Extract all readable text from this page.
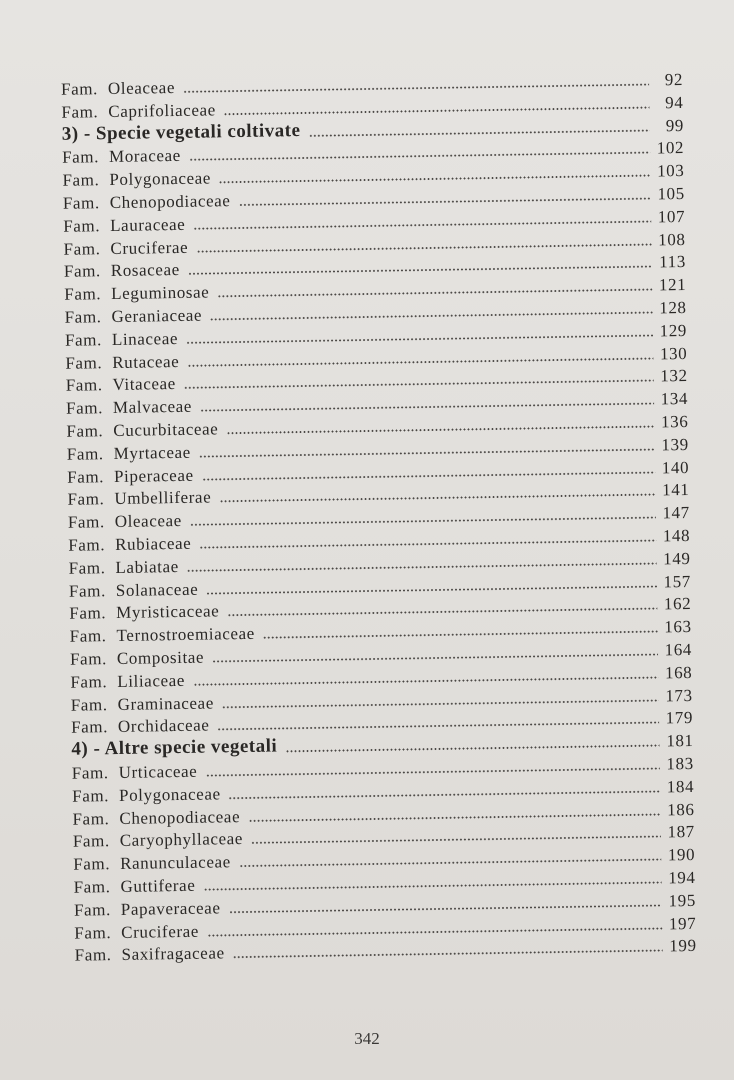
Fam. Oleaceae	92
Fam. Caprifoliaceae	94
3) - Specie vegetali coltivate	99
Fam. Moraceae	102
Fam. Polygonaceae	103
Fam. Chenopodiaceae	105
Fam. Lauraceae	107
Fam. Cruciferae	108
Fam. Rosaceae	113
Fam. Leguminosae	121
Fam. Geraniaceae	128
Fam. Linaceae	129
Fam. Rutaceae	130
Fam. Vitaceae	132
Fam. Malvaceae	134
Fam. Cucurbitaceae	136
Fam. Myrtaceae	139
Fam. Piperaceae	140
Fam. Umbelliferae	141
Fam. Oleaceae	147
Fam. Rubiaceae	148
Fam. Labiatae	149
Fam. Solanaceae	157
Fam. Myristicaceae	162
Fam. Ternostroemiaceae	163
Fam. Compositae	164
Fam. Liliaceae	168
Fam. Graminaceae	173
Fam. Orchidaceae	179
4) - Altre specie vegetali	181
Fam. Urticaceae	183
Fam. Polygonaceae	184
Fam. Chenopodiaceae	186
Fam. Caryophyllaceae	187
Fam. Ranunculaceae	190
Fam. Guttiferae	194
Fam. Papaveraceae	195
Fam. Cruciferae	197
Fam. Saxifragaceae	199
342
